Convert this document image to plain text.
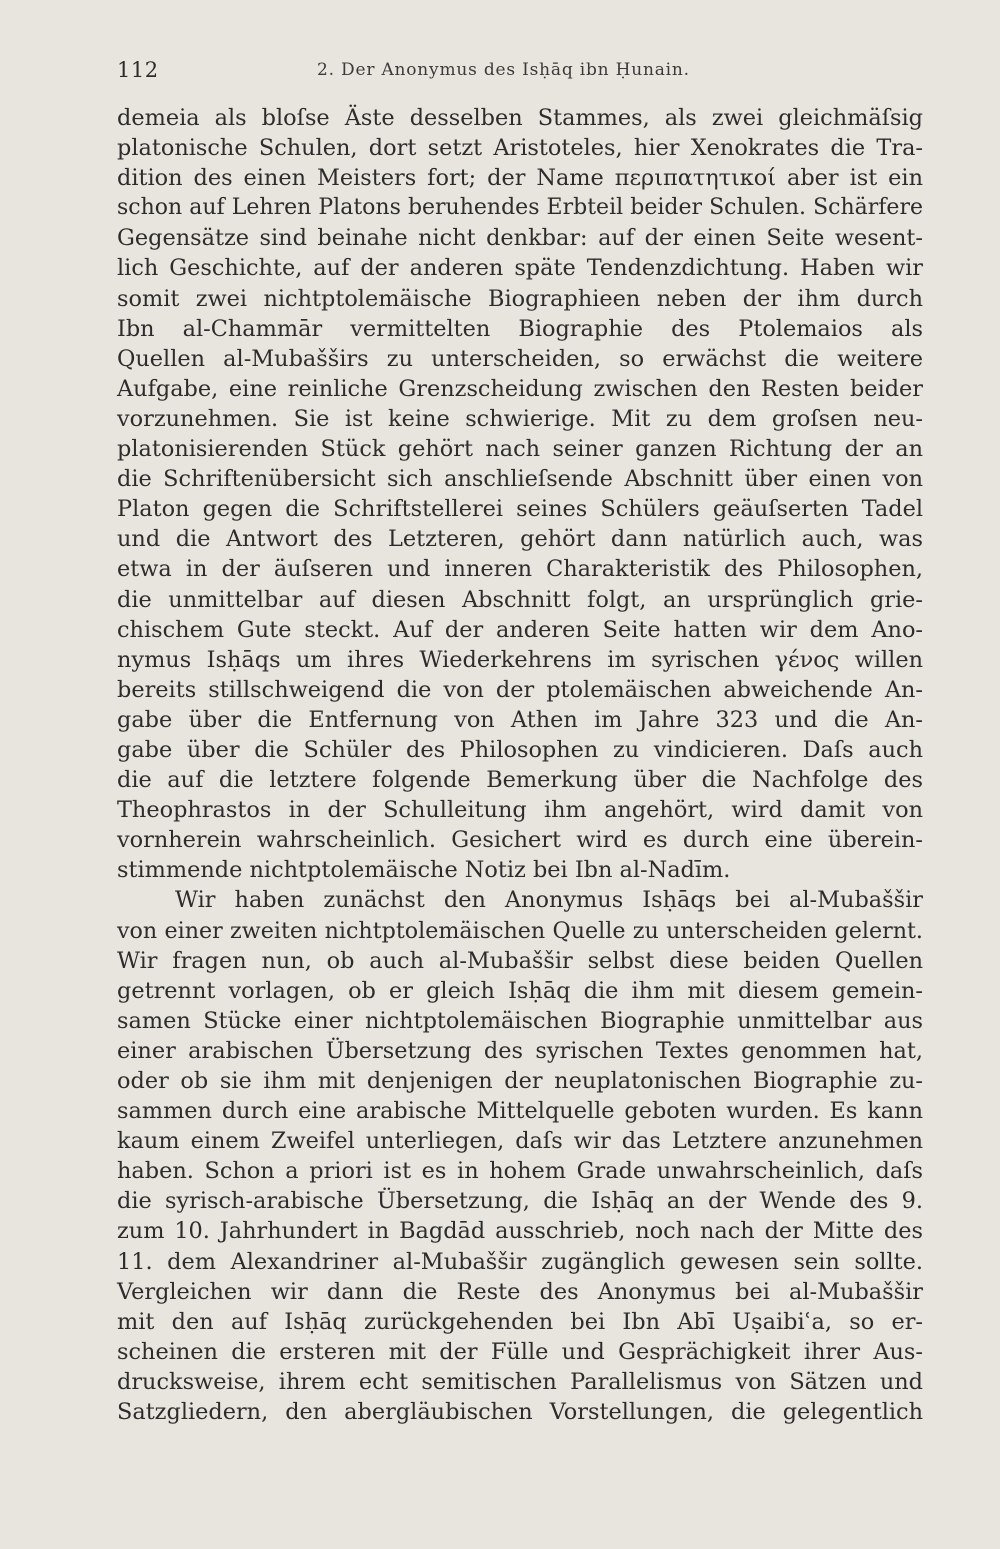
112	2. Der Anonymus des Isḥāq ibn Ḥunain.
demeia als bloſse Äste desselben Stammes, als zwei gleichmäſsig
platonische Schulen, dort setzt Aristoteles, hier Xenokrates die Tra-
dition des einen Meisters fort; der Name περιπατητικοί aber ist ein
schon auf Lehren Platons beruhendes Erbteil beider Schulen. Schärfere
Gegensätze sind beinahe nicht denkbar: auf der einen Seite wesent-
lich Geschichte, auf der anderen späte Tendenzdichtung. Haben wir
somit zwei nichtptolemäische Biographieen neben der ihm durch
Ibn al-Chammār vermittelten Biographie des Ptolemaios als
Quellen al-Mubašširs zu unterscheiden, so erwächst die weitere
Aufgabe, eine reinliche Grenzscheidung zwischen den Resten beider
vorzunehmen. Sie ist keine schwierige. Mit zu dem groſsen neu-
platonisierenden Stück gehört nach seiner ganzen Richtung der an
die Schriftenübersicht sich anschlieſsende Abschnitt über einen von
Platon gegen die Schriftstellerei seines Schülers geäuſserten Tadel
und die Antwort des Letzteren, gehört dann natürlich auch, was
etwa in der äuſseren und inneren Charakteristik des Philosophen,
die unmittelbar auf diesen Abschnitt folgt, an ursprünglich grie-
chischem Gute steckt. Auf der anderen Seite hatten wir dem Ano-
nymus Isḥāqs um ihres Wiederkehrens im syrischen γένος willen
bereits stillschweigend die von der ptolemäischen abweichende An-
gabe über die Entfernung von Athen im Jahre 323 und die An-
gabe über die Schüler des Philosophen zu vindicieren. Daſs auch
die auf die letztere folgende Bemerkung über die Nachfolge des
Theophrastos in der Schulleitung ihm angehört, wird damit von
vornherein wahrscheinlich. Gesichert wird es durch eine überein-
stimmende nichtptolemäische Notiz bei Ibn al-Nadīm.
Wir haben zunächst den Anonymus Isḥāqs bei al-Mubaššir
von einer zweiten nichtptolemäischen Quelle zu unterscheiden gelernt.
Wir fragen nun, ob auch al-Mubaššir selbst diese beiden Quellen
getrennt vorlagen, ob er gleich Isḥāq die ihm mit diesem gemein-
samen Stücke einer nichtptolemäischen Biographie unmittelbar aus
einer arabischen Übersetzung des syrischen Textes genommen hat,
oder ob sie ihm mit denjenigen der neuplatonischen Biographie zu-
sammen durch eine arabische Mittelquelle geboten wurden. Es kann
kaum einem Zweifel unterliegen, daſs wir das Letztere anzunehmen
haben. Schon a priori ist es in hohem Grade unwahrscheinlich, daſs
die syrisch-arabische Übersetzung, die Isḥāq an der Wende des 9.
zum 10. Jahrhundert in Bagdād ausschrieb, noch nach der Mitte des
11. dem Alexandriner al-Mubaššir zugänglich gewesen sein sollte.
Vergleichen wir dann die Reste des Anonymus bei al-Mubaššir
mit den auf Isḥāq zurückgehenden bei Ibn Abī Uṣaibiʿa, so er-
scheinen die ersteren mit der Fülle und Gesprächigkeit ihrer Aus-
drucksweise, ihrem echt semitischen Parallelismus von Sätzen und
Satzgliedern, den abergläubischen Vorstellungen, die gelegentlich
